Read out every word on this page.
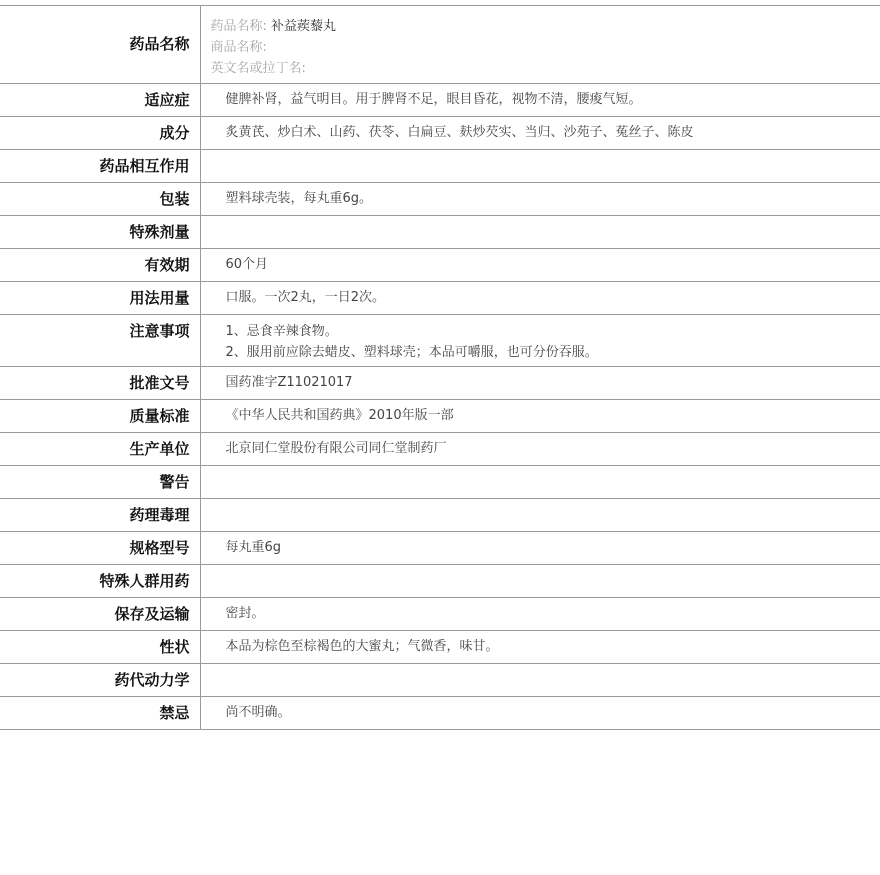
药品名称	药品名称: 补益蒺藜丸
商品名称:
英文名或拉丁名:

适应症	健脾补肾，益气明目。用于脾肾不足，眼目昏花，视物不清，腰痠气短。
成分	炙黄芪、炒白术、山药、茯苓、白扁豆、麸炒芡实、当归、沙苑子、菟丝子、陈皮
药品相互作用	
包装	塑料球壳装，每丸重6g。
特殊剂量	
有效期	60个月
用法用量	口服。一次2丸，一日2次。
注意事项	1、忌食辛辣食物。
2、服用前应除去蜡皮、塑料球壳；本品可嚼服，也可分份吞服。

批准文号	国药准字Z11021017
质量标准	《中华人民共和国药典》2010年版一部
生产单位	北京同仁堂股份有限公司同仁堂制药厂
警告	
药理毒理	
规格型号	每丸重6g
特殊人群用药	
保存及运输	密封。
性状	本品为棕色至棕褐色的大蜜丸；气微香，味甘。
药代动力学	
禁忌	尚不明确。
